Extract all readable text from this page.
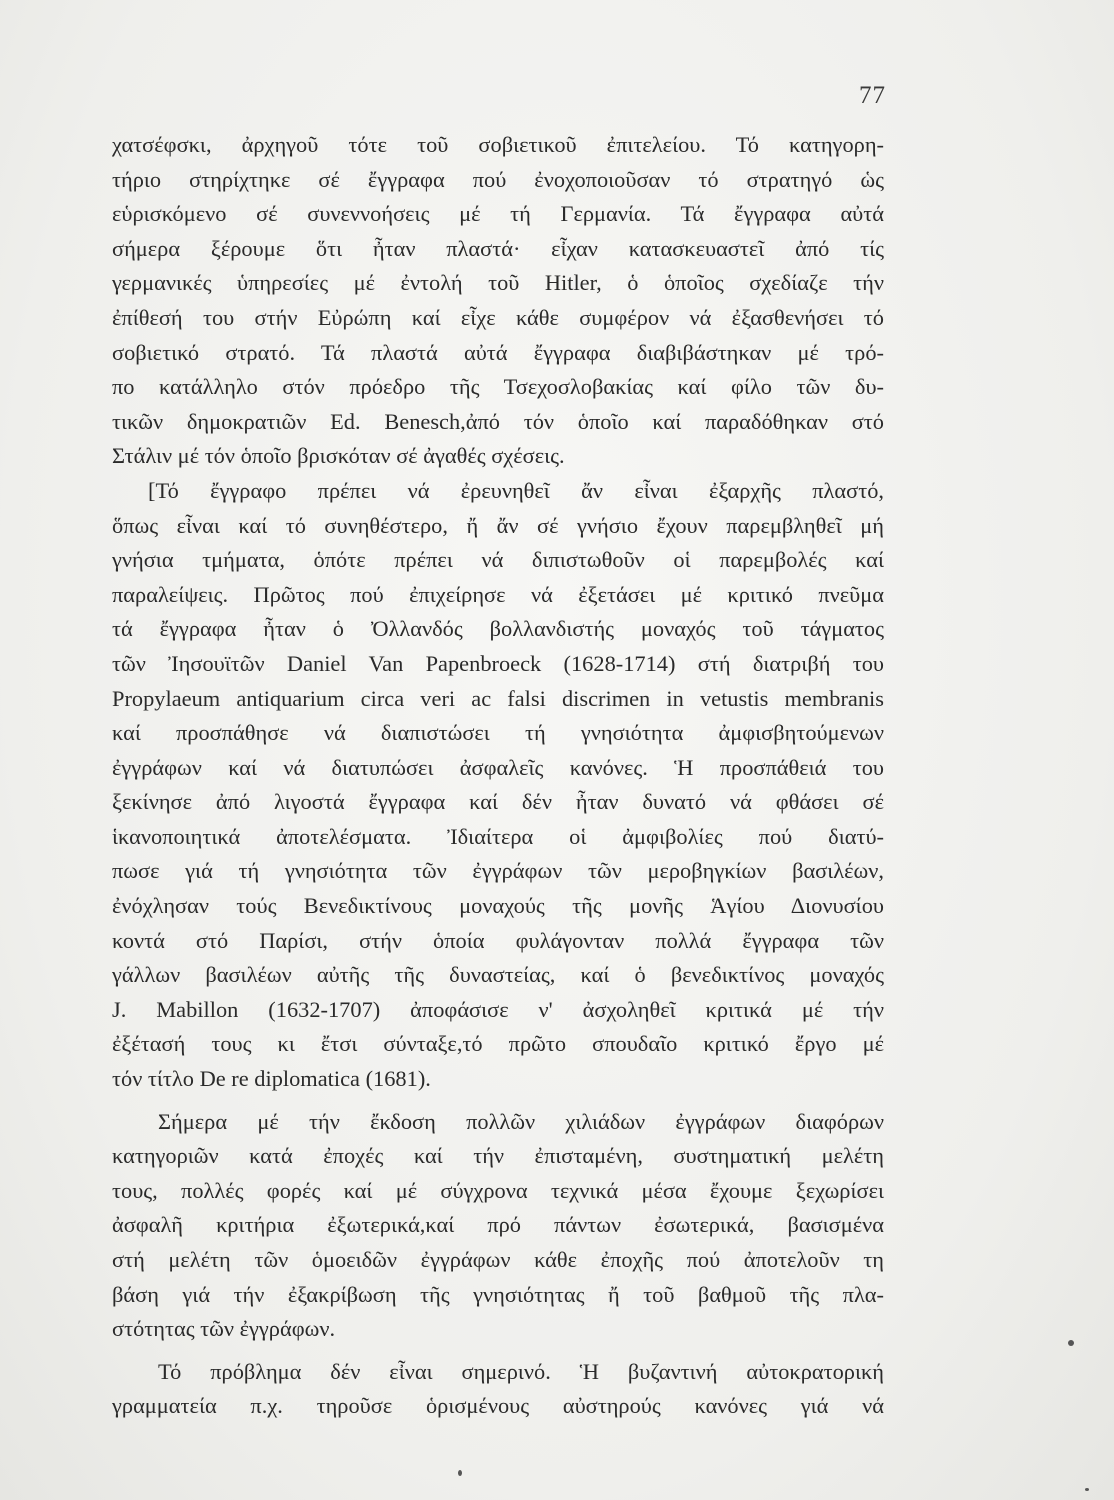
77
χατσέφσκι, ἀρχηγοῦ τότε τοῦ σοβιετικοῦ ἐπιτελείου. Τό κατηγορη-
τήριο στηρίχτηκε σέ ἔγγραφα πού ἐνοχοποιοῦσαν τό στρατηγό ὡς
εὑρισκόμενο σέ συνεννοήσεις μέ τή Γερμανία. Τά ἔγγραφα αὐτά
σήμερα ξέρουμε ὅτι ἦταν πλαστά· εἶχαν κατασκευαστεῖ ἀπό τίς
γερμανικές ὑπηρεσίες μέ ἐντολή τοῦ Hitler, ὁ ὁποῖος σχεδίαζε τήν
ἐπίθεσή του στήν Εὐρώπη καί εἶχε κάθε συμφέρον νά ἐξασθενήσει τό
σοβιετικό στρατό. Τά πλαστά αὐτά ἔγγραφα διαβιβάστηκαν μέ τρό-
πο κατάλληλο στόν πρόεδρο τῆς Τσεχοσλοβακίας καί φίλο τῶν δυ-
τικῶν δημοκρατιῶν Ed. Benesch,ἀπό τόν ὁποῖο καί παραδόθηκαν στό
Στάλιν μέ τόν ὁποῖο βρισκόταν σέ ἀγαθές σχέσεις.
[Τό ἔγγραφο πρέπει νά ἐρευνηθεῖ ἄν εἶναι ἐξαρχῆς πλαστό,
ὅπως εἶναι καί τό συνηθέστερο, ἤ ἄν σέ γνήσιο ἔχουν παρεμβληθεῖ μή
γνήσια τμήματα, ὁπότε πρέπει νά διπιστωθοῦν οἱ παρεμβολές καί
παραλείψεις. Πρῶτος πού ἐπιχείρησε νά ἐξετάσει μέ κριτικό πνεῦμα
τά ἔγγραφα ἦταν ὁ Ὀλλανδός βολλανδιστής μοναχός τοῦ τάγματος
τῶν Ἰησουϊτῶν Daniel Van Papenbroeck (1628-1714) στή διατριβή του
Propylaeum antiquarium circa veri ac falsi discrimen in vetustis membranis
καί προσπάθησε νά διαπιστώσει τή γνησιότητα ἀμφισβητούμενων
ἐγγράφων καί νά διατυπώσει ἀσφαλεῖς κανόνες. Ἡ προσπάθειά του
ξεκίνησε ἀπό λιγοστά ἔγγραφα καί δέν ἦταν δυνατό νά φθάσει σέ
ἱκανοποιητικά ἀποτελέσματα. Ἰδιαίτερα οἱ ἀμφιβολίες πού διατύ-
πωσε γιά τή γνησιότητα τῶν ἐγγράφων τῶν μεροβηγκίων βασιλέων,
ἐνόχλησαν τούς Βενεδικτίνους μοναχούς τῆς μονῆς Ἁγίου Διονυσίου
κοντά στό Παρίσι, στήν ὁποία φυλάγονταν πολλά ἔγγραφα τῶν
γάλλων βασιλέων αὐτῆς τῆς δυναστείας, καί ὁ βενεδικτίνος μοναχός
J. Mabillon (1632-1707) ἀποφάσισε ν' ἀσχοληθεῖ κριτικά μέ τήν
ἐξέτασή τους κι ἔτσι σύνταξε,τό πρῶτο σπουδαῖο κριτικό ἔργο μέ
τόν τίτλο De re diplomatica (1681).
Σήμερα μέ τήν ἔκδοση πολλῶν χιλιάδων ἐγγράφων διαφόρων
κατηγοριῶν κατά ἐποχές καί τήν ἐπισταμένη, συστηματική μελέτη
τους, πολλές φορές καί μέ σύγχρονα τεχνικά μέσα ἔχουμε ξεχωρίσει
ἀσφαλῆ κριτήρια ἐξωτερικά,καί πρό πάντων ἐσωτερικά, βασισμένα
στή μελέτη τῶν ὁμοειδῶν ἐγγράφων κάθε ἐποχῆς πού ἀποτελοῦν τη
βάση γιά τήν ἐξακρίβωση τῆς γνησιότητας ἤ τοῦ βαθμοῦ τῆς πλα-
στότητας τῶν ἐγγράφων.
Τό πρόβλημα δέν εἶναι σημερινό. Ἡ βυζαντινή αὐτοκρατορική
γραμματεία π.χ. τηροῦσε ὁρισμένους αὐστηρούς κανόνες γιά νά
